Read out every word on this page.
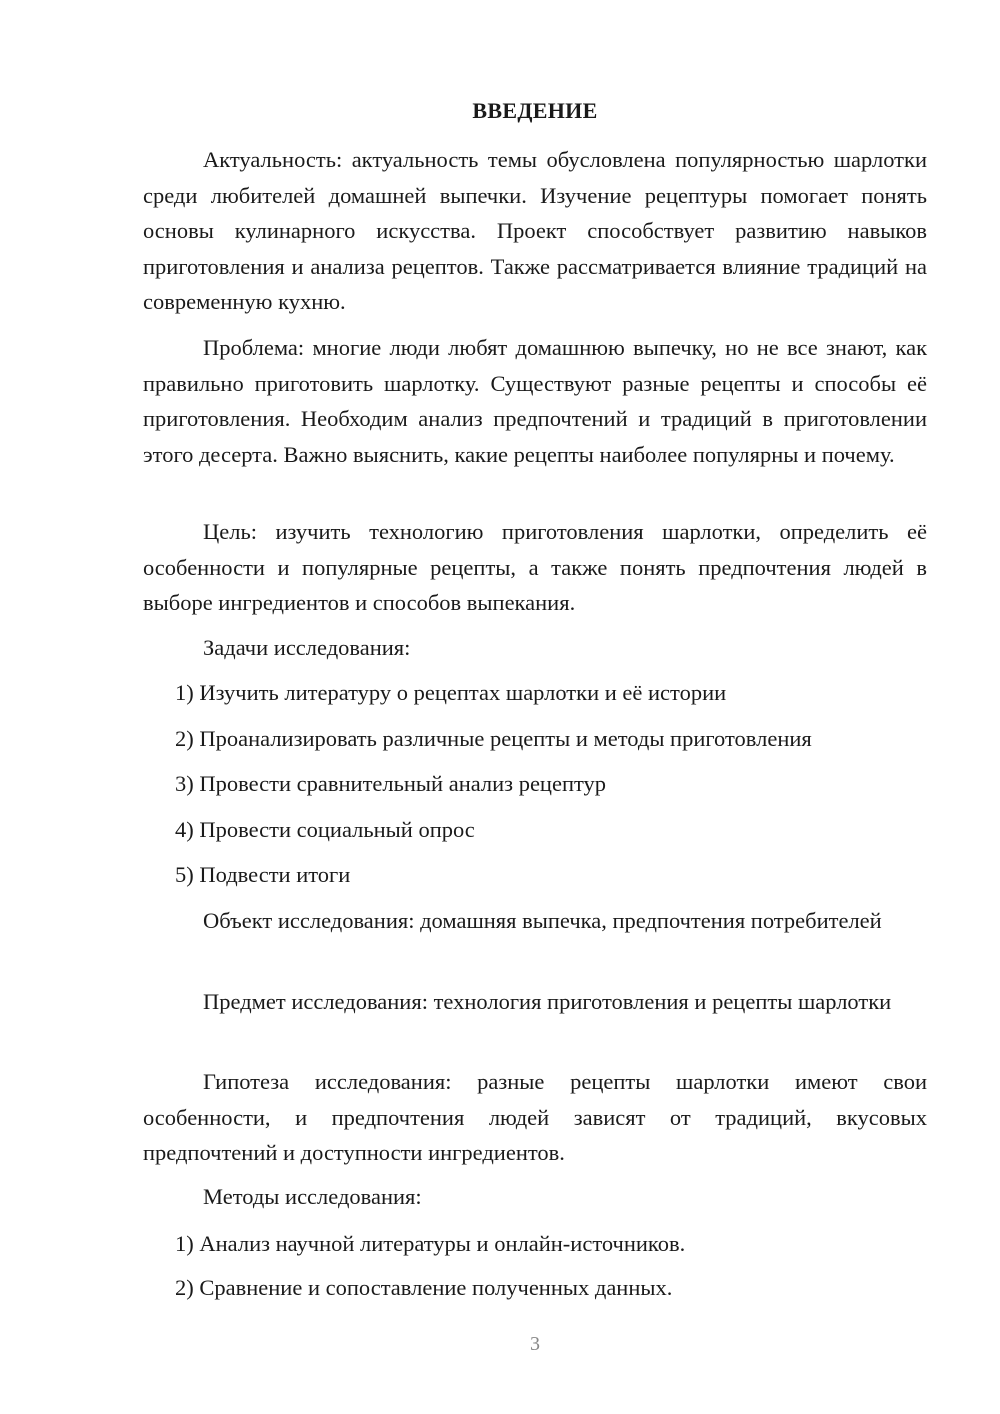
ВВЕДЕНИЕ

Актуальность: актуальность темы обусловлена популярностью шарлотки среди любителей домашней выпечки. Изучение рецептуры помогает понять основы кулинарного искусства. Проект способствует развитию навыков приготовления и анализа рецептов. Также рассматривается влияние традиций на современную кухню.

Проблема: многие люди любят домашнюю выпечку, но не все знают, как правильно приготовить шарлотку. Существуют разные рецепты и способы её приготовления. Необходим анализ предпочтений и традиций в приготовлении этого десерта. Важно выяснить, какие рецепты наиболее популярны и почему.

Цель: изучить технологию приготовления шарлотки, определить её особенности и популярные рецепты, а также понять предпочтения людей в выборе ингредиентов и способов выпекания.

Задачи исследования:
1) Изучить литературу о рецептах шарлотки и её истории
2) Проанализировать различные рецепты и методы приготовления
3) Провести сравнительный анализ рецептур
4) Провести социальный опрос
5) Подвести итоги

Объект исследования: домашняя выпечка, предпочтения потребителей

Предмет исследования: технология приготовления и рецепты шарлотки

Гипотеза исследования: разные рецепты шарлотки имеют свои особенности, и предпочтения людей зависят от традиций, вкусовых предпочтений и доступности ингредиентов.

Методы исследования:
1) Анализ научной литературы и онлайн-источников.
2) Сравнение и сопоставление полученных данных.
3
